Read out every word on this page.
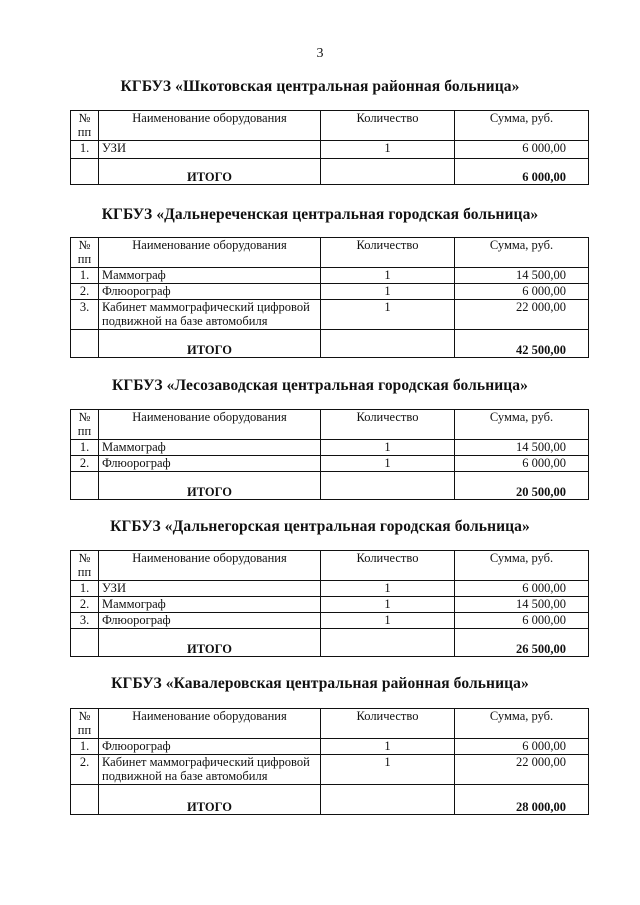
3
КГБУЗ «Шкотовская центральная районная больница»
№
пп	Наименование оборудования	Количество	Сумма, руб.
1.	УЗИ	1	6 000,00
	ИТОГО		6 000,00
КГБУЗ «Дальнереченская центральная городская больница»
№
пп	Наименование оборудования	Количество	Сумма, руб.
1.	Маммограф	1	14 500,00
2.	Флюорограф	1	6 000,00
3.	Кабинет маммографический цифровой подвижной на базе автомобиля	1	22 000,00
	ИТОГО		42 500,00
КГБУЗ «Лесозаводская центральная городская больница»
№
пп	Наименование оборудования	Количество	Сумма, руб.
1.	Маммограф	1	14 500,00
2.	Флюорограф	1	6 000,00
	ИТОГО		20 500,00
КГБУЗ «Дальнегорская центральная городская больница»
№
пп	Наименование оборудования	Количество	Сумма, руб.
1.	УЗИ	1	6 000,00
2.	Маммограф	1	14 500,00
3.	Флюорограф	1	6 000,00
	ИТОГО		26 500,00
КГБУЗ «Кавалеровская центральная районная больница»
№
пп	Наименование оборудования	Количество	Сумма, руб.
1.	Флюорограф	1	6 000,00
2.	Кабинет маммографический цифровой подвижной на базе автомобиля	1	22 000,00
	ИТОГО		28 000,00
